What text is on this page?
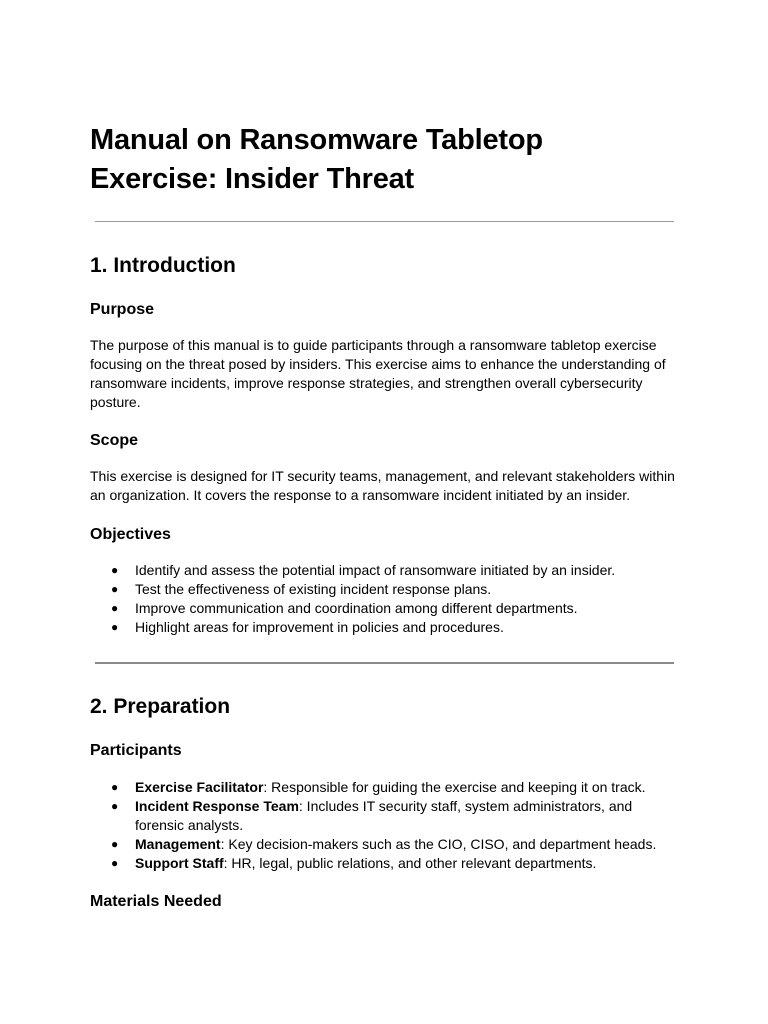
Manual on Ransomware Tabletop Exercise: Insider Threat
1. Introduction
Purpose

The purpose of this manual is to guide participants through a ransomware tabletop exercise focusing on the threat posed by insiders. This exercise aims to enhance the understanding of ransomware incidents, improve response strategies, and strengthen overall cybersecurity posture.

Scope

This exercise is designed for IT security teams, management, and relevant stakeholders within an organization. It covers the response to a ransomware incident initiated by an insider.

Objectives
● Identify and assess the potential impact of ransomware initiated by an insider.
● Test the effectiveness of existing incident response plans.
● Improve communication and coordination among different departments.
● Highlight areas for improvement in policies and procedures.
2. Preparation
Participants
● Exercise Facilitator: Responsible for guiding the exercise and keeping it on track.
● Incident Response Team: Includes IT security staff, system administrators, and forensic analysts.
● Management: Key decision-makers such as the CIO, CISO, and department heads.
● Support Staff: HR, legal, public relations, and other relevant departments.
Materials Needed
